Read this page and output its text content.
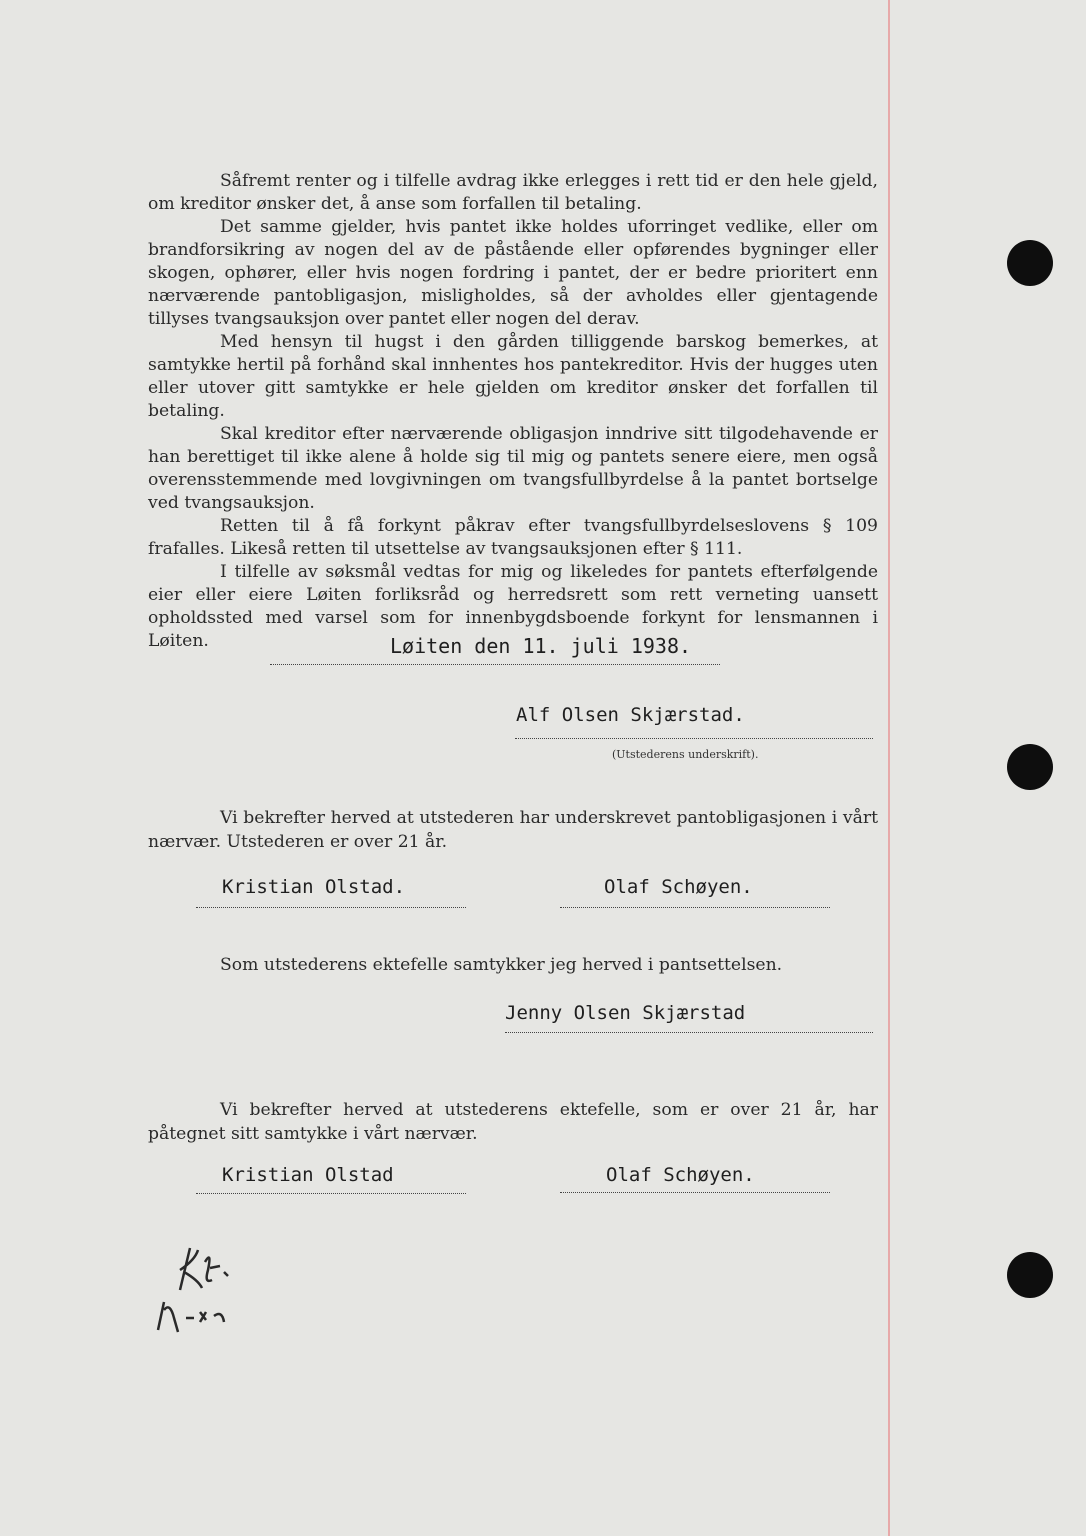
Såfremt renter og i tilfelle avdrag ikke erlegges i rett tid er den hele gjeld, om kreditor ønsker det, å anse som forfallen til betaling.

Det samme gjelder, hvis pantet ikke holdes uforringet vedlike, eller om brandforsikring av nogen del av de påstående eller opførendes bygninger eller skogen, ophører, eller hvis nogen fordring i pantet, der er bedre prioritert enn nærværende pantobligasjon, misligholdes, så der avholdes eller gjentagende tillyses tvangsauksjon over pantet eller nogen del derav.

Med hensyn til hugst i den gården tilliggende barskog bemerkes, at samtykke hertil på forhånd skal innhentes hos pantekreditor. Hvis der hugges uten eller utover gitt samtykke er hele gjelden om kreditor ønsker det forfallen til betaling.

Skal kreditor efter nærværende obligasjon inndrive sitt tilgodehavende er han berettiget til ikke alene å holde sig til mig og pantets senere eiere, men også overensstemmende med lovgivningen om tvangsfullbyrdelse å la pantet bortselge ved tvangsauksjon.

Retten til å få forkynt påkrav efter tvangsfullbyrdelseslovens § 109 frafalles. Likeså retten til utsettelse av tvangsauksjonen efter § 111.

I tilfelle av søksmål vedtas for mig og likeledes for pantets efterfølgende eier eller eiere Løiten forliksråd og herredsrett som rett verneting uansett opholdssted med varsel som for innenbygdsboende forkynt for lensmannen i Løiten.	Løiten den 11. juli 1938.
Alf Olsen Skjærstad.
(Utstederens underskrift).
Vi bekrefter herved at utstederen har underskrevet pantobligasjonen i vårt nærvær. Utstederen er over 21 år.
Kristian Olstad.	Olaf Schøyen.
Som utstederens ektefelle samtykker jeg herved i pantsettelsen.
Jenny Olsen Skjærstad
Vi bekrefter herved at utstederens ektefelle, som er over 21 år, har påtegnet sitt samtykke i vårt nærvær.
Kristian Olstad	Olaf Schøyen.
